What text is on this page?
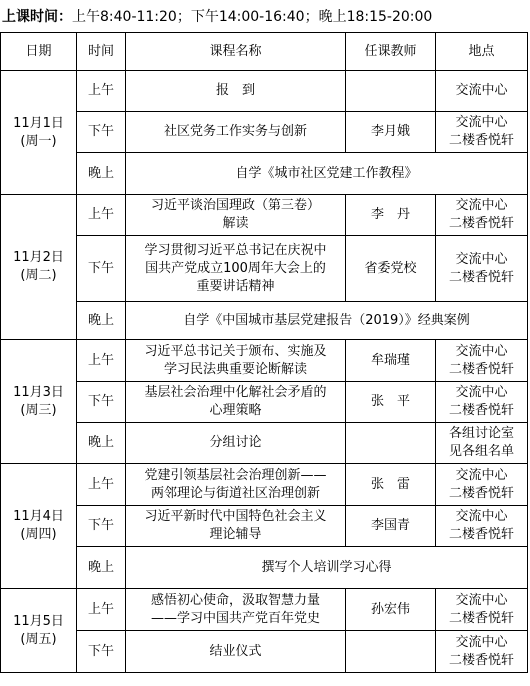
上课时间：上午8:40-11:20；下午14:00-16:40；晚上18:15-20:00
日期	时间	课程名称	任课教师	地点

11月1日
(周一)	上午	报　到		交流中心

	下午	社区党务工作实务与创新	李月娥	交流中心
二楼香悦轩

	晚上	自学《城市社区党建工作教程》		

11月2日
(周二)	上午	习近平谈治国理政（第三卷）
解读	李　丹	交流中心
二楼香悦轩

	下午	学习贯彻习近平总书记在庆祝中
国共产党成立100周年大会上的
重要讲话精神	省委党校	交流中心
二楼香悦轩

	晚上	自学《中国城市基层党建报告（2019）》经典案例		

11月3日
(周三)	上午	习近平总书记关于颁布、实施及
学习民法典重要论断解读	牟瑞瑾	交流中心
二楼香悦轩

	下午	基层社会治理中化解社会矛盾的
心理策略	张　平	交流中心
二楼香悦轩

	晚上	分组讨论		各组讨论室
见各组名单

11月4日
(周四)	上午	党建引领基层社会治理创新——
两邻理论与街道社区治理创新	张　雷	交流中心
二楼香悦轩

	下午	习近平新时代中国特色社会主义
理论辅导	李国青	交流中心
二楼香悦轩

	晚上	撰写个人培训学习心得		

11月5日
(周五)	上午	感悟初心使命，汲取智慧力量
——学习中国共产党百年党史	孙宏伟	交流中心
二楼香悦轩

	下午	结业仪式		交流中心
二楼香悦轩
